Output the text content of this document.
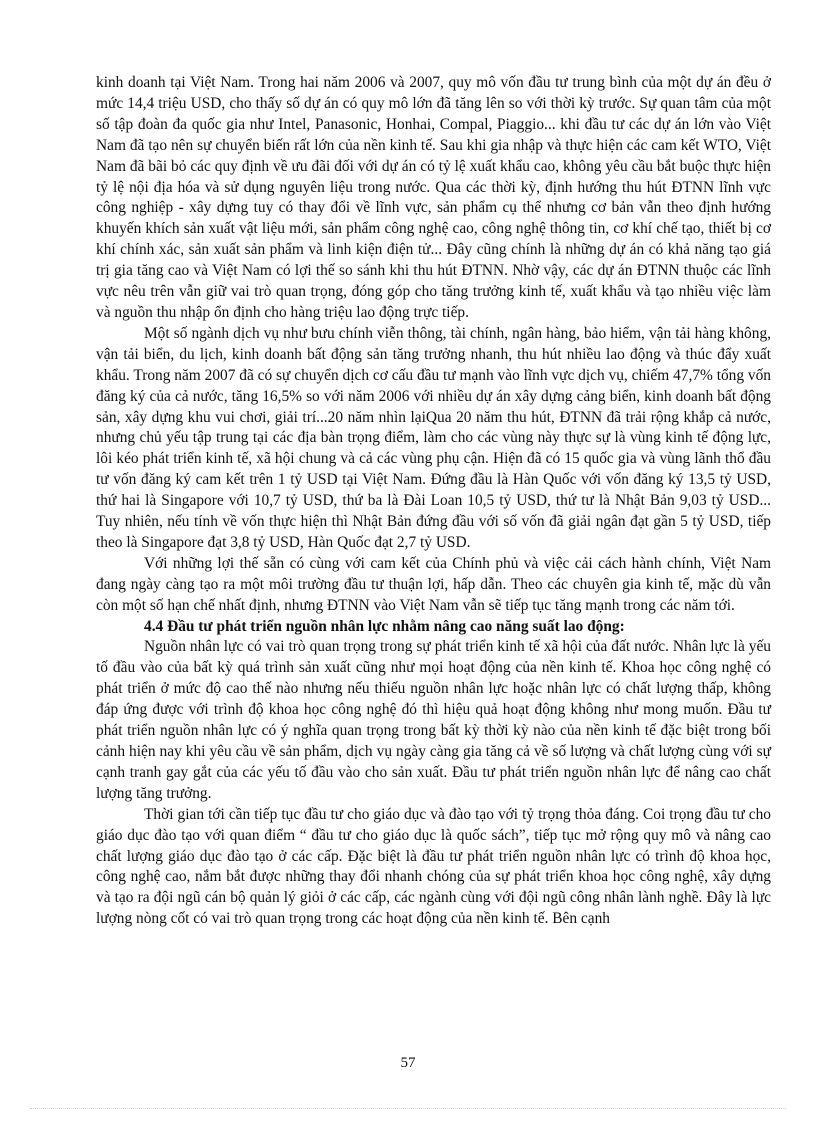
kinh doanh tại Việt Nam. Trong hai năm 2006 và 2007, quy mô vốn đầu tư trung bình của một dự án đều ở mức 14,4 triệu USD, cho thấy số dự án có quy mô lớn đã tăng lên so với thời kỳ trước. Sự quan tâm của một số tập đoàn đa quốc gia như Intel, Panasonic, Honhai, Compal, Piaggio... khi đầu tư các dự án lớn vào Việt Nam đã tạo nên sự chuyển biến rất lớn của nền kinh tế. Sau khi gia nhập và thực hiện các cam kết WTO, Việt Nam đã bãi bỏ các quy định về ưu đãi đối với dự án có tỷ lệ xuất khẩu cao, không yêu cầu bắt buộc thực hiện tỷ lệ nội địa hóa và sử dụng nguyên liệu trong nước. Qua các thời kỳ, định hướng thu hút ĐTNN lĩnh vực công nghiệp - xây dựng tuy có thay đổi về lĩnh vực, sản phẩm cụ thể nhưng cơ bản vẫn theo định hướng khuyến khích sản xuất vật liệu mới, sản phẩm công nghệ cao, công nghệ thông tin, cơ khí chế tạo, thiết bị cơ khí chính xác, sản xuất sản phẩm và linh kiện điện tử... Đây cũng chính là những dự án có khả năng tạo giá trị gia tăng cao và Việt Nam có lợi thế so sánh khi thu hút ĐTNN. Nhờ vậy, các dự án ĐTNN thuộc các lĩnh vực nêu trên vẫn giữ vai trò quan trọng, đóng góp cho tăng trưởng kinh tế, xuất khẩu và tạo nhiều việc làm và nguồn thu nhập ổn định cho hàng triệu lao động trực tiếp.

Một số ngành dịch vụ như bưu chính viễn thông, tài chính, ngân hàng, bảo hiểm, vận tải hàng không, vận tải biển, du lịch, kinh doanh bất động sản tăng trưởng nhanh, thu hút nhiều lao động và thúc đẩy xuất khẩu. Trong năm 2007 đã có sự chuyển dịch cơ cấu đầu tư mạnh vào lĩnh vực dịch vụ, chiếm 47,7% tổng vốn đăng ký của cả nước, tăng 16,5% so với năm 2006 với nhiều dự án xây dựng cảng biển, kinh doanh bất động sản, xây dựng khu vui chơi, giải trí...20 năm nhìn lạiQua 20 năm thu hút, ĐTNN đã trải rộng khắp cả nước, nhưng chủ yếu tập trung tại các địa bàn trọng điểm, làm cho các vùng này thực sự là vùng kinh tế động lực, lôi kéo phát triển kinh tế, xã hội chung và cả các vùng phụ cận. Hiện đã có 15 quốc gia và vùng lãnh thổ đầu tư vốn đăng ký cam kết trên 1 tỷ USD tại Việt Nam. Đứng đầu là Hàn Quốc với vốn đăng ký 13,5 tỷ USD, thứ hai là Singapore với 10,7 tỷ USD, thứ ba là Đài Loan 10,5 tỷ USD, thứ tư là Nhật Bản 9,03 tỷ USD... Tuy nhiên, nếu tính về vốn thực hiện thì Nhật Bản đứng đầu với số vốn đã giải ngân đạt gần 5 tỷ USD, tiếp theo là Singapore đạt 3,8 tỷ USD, Hàn Quốc đạt 2,7 tỷ USD.

Với những lợi thế sẵn có cùng với cam kết của Chính phủ và việc cải cách hành chính, Việt Nam đang ngày càng tạo ra một môi trường đầu tư thuận lợi, hấp dẫn. Theo các chuyên gia kinh tế, mặc dù vẫn còn một số hạn chế nhất định, nhưng ĐTNN vào Việt Nam vẫn sẽ tiếp tục tăng mạnh trong các năm tới.

4.4 Đầu tư phát triển nguồn nhân lực nhằm nâng cao năng suất lao động:

Nguồn nhân lực có vai trò quan trọng trong sự phát triển kinh tế xã hội của đất nước. Nhân lực là yếu tố đầu vào của bất kỳ quá trình sản xuất cũng như mọi hoạt động của nền kinh tế. Khoa học công nghệ có phát triển ở mức độ cao thế nào nhưng nếu thiếu nguồn nhân lực hoặc nhân lực có chất lượng thấp, không đáp ứng được với trình độ khoa học công nghệ đó thì hiệu quả hoạt động không như mong muốn. Đầu tư phát triển nguồn nhân lực có ý nghĩa quan trọng trong bất kỳ thời kỳ nào của nền kinh tế đặc biệt trong bối cảnh hiện nay khi yêu cầu về sản phẩm, dịch vụ ngày càng gia tăng cả về số lượng và chất lượng cùng với sự cạnh tranh gay gắt của các yếu tố đầu vào cho sản xuất. Đầu tư phát triển nguồn nhân lực để nâng cao chất lượng tăng trưởng.

Thời gian tới cần tiếp tục đầu tư cho giáo dục và đào tạo với tỷ trọng thỏa đáng. Coi trọng đầu tư cho giáo dục đào tạo với quan điểm “ đầu tư cho giáo dục là quốc sách”, tiếp tục mở rộng quy mô và nâng cao chất lượng giáo dục đào tạo ở các cấp. Đặc biệt là đầu tư phát triển nguồn nhân lực có trình độ khoa học, công nghệ cao, nắm bắt được những thay đổi nhanh chóng của sự phát triển khoa học công nghệ, xây dựng và tạo ra đội ngũ cán bộ quản lý giỏi ở các cấp, các ngành cùng với đội ngũ công nhân lành nghề. Đây là lực lượng nòng cốt có vai trò quan trọng trong các hoạt động của nền kinh tế. Bên cạnh

57
